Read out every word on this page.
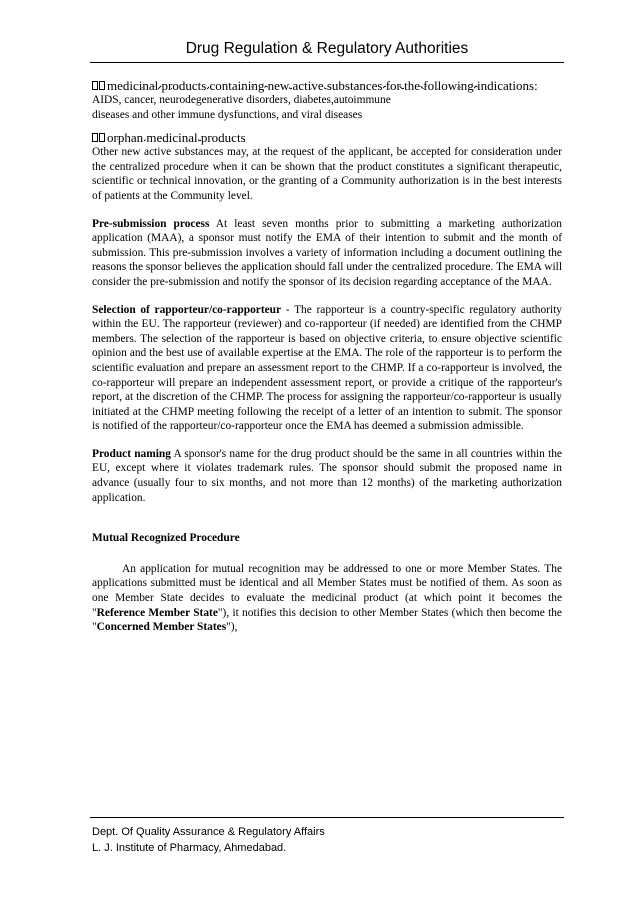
Drug Regulation & Regulatory Authorities
medicinal products containing new active substances for the following indications:
AIDS, cancer, neurodegenerative disorders, diabetes,autoimmune
diseases and other immune dysfunctions, and viral diseases
orphan medicinal products

Other new active substances may, at the request of the applicant, be accepted for consideration under the centralized procedure when it can be shown that the product constitutes a significant therapeutic, scientific or technical innovation, or the granting of a Community authorization is in the best interests of patients at the Community level.

Pre-submission process At least seven months prior to submitting a marketing authorization application (MAA), a sponsor must notify the EMA of their intention to submit and the month of submission. This pre-submission involves a variety of information including a document outlining the reasons the sponsor believes the application should fall under the centralized procedure. The EMA will consider the pre-submission and notify the sponsor of its decision regarding acceptance of the MAA.

Selection of rapporteur/co-rapporteur - The rapporteur is a country-specific regulatory authority within the EU. The rapporteur (reviewer) and co-rapporteur (if needed) are identified from the CHMP members. The selection of the rapporteur is based on objective criteria, to ensure objective scientific opinion and the best use of available expertise at the EMA. The role of the rapporteur is to perform the scientific evaluation and prepare an assessment report to the CHMP. If a co-rapporteur is involved, the co-rapporteur will prepare an independent assessment report, or provide a critique of the rapporteur's report, at the discretion of the CHMP. The process for assigning the rapporteur/co-rapporteur is usually initiated at the CHMP meeting following the receipt of a letter of an intention to submit. The sponsor is notified of the rapporteur/co-rapporteur once the EMA has deemed a submission admissible.

Product naming A sponsor's name for the drug product should be the same in all countries within the EU, except where it violates trademark rules. The sponsor should submit the proposed name in advance (usually four to six months, and not more than 12 months) of the marketing authorization application.

Mutual Recognized Procedure

An application for mutual recognition may be addressed to one or more Member States. The applications submitted must be identical and all Member States must be notified of them. As soon as one Member State decides to evaluate the medicinal product (at which point it becomes the "Reference Member State"), it notifies this decision to other Member States (which then become the "Concerned Member States"),

Dept. Of Quality Assurance & Regulatory Affairs
L. J. Institute of Pharmacy, Ahmedabad.
